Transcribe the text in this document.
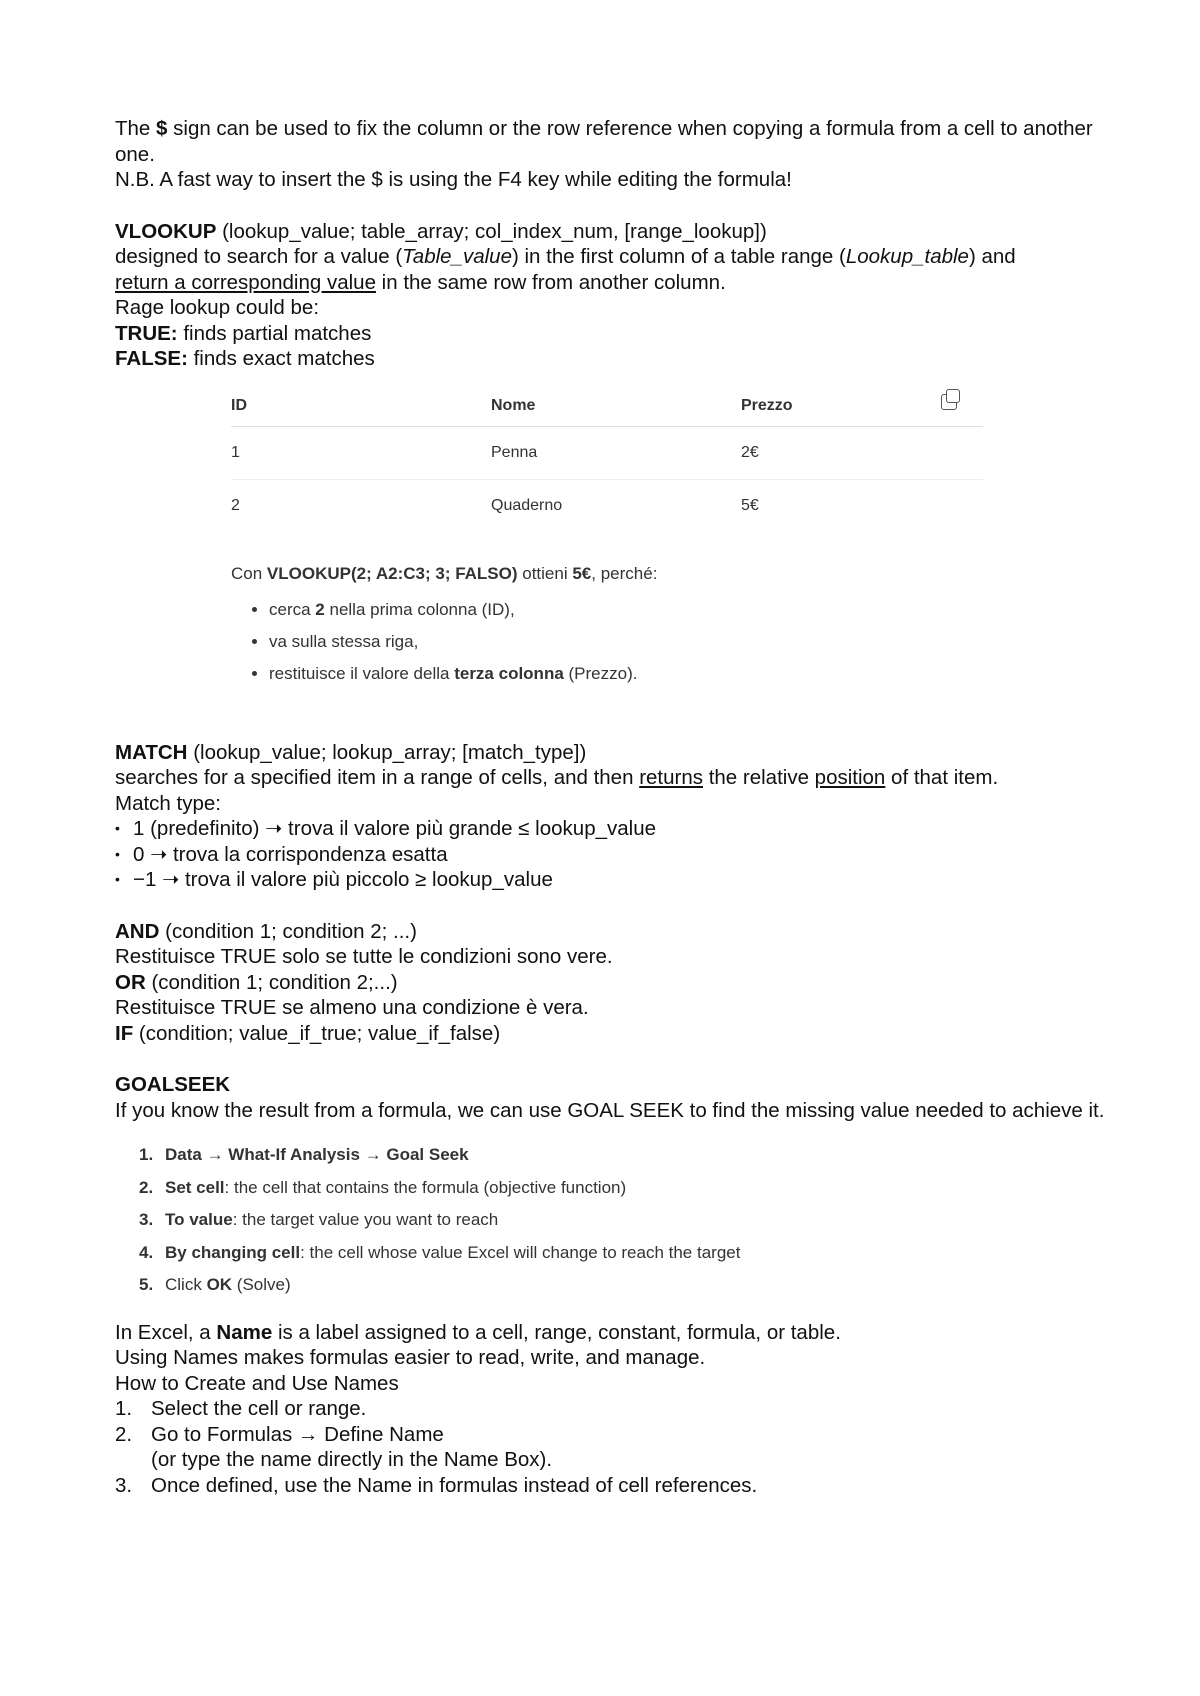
The $ sign can be used to fix the column or the row reference when copying a formula from a cell to another one.

N.B. A fast way to insert the $ is using the F4 key while editing the formula!

VLOOKUP (lookup_value; table_array; col_index_num, [range_lookup])

designed to search for a value (Table_value) in the first column of a table range (Lookup_table) and
return a corresponding value in the same row from another column.

Rage lookup could be:

TRUE: finds partial matches

FALSE: finds exact matches

ID	Nome	Prezzo	
1	Penna	2€	
2	Quaderno	5€	

Con VLOOKUP(2; A2:C3; 3; FALSO) ottieni 5€, perché:

• cerca 2 nella prima colonna (ID),
• va sulla stessa riga,
• restituisce il valore della terza colonna (Prezzo).

MATCH (lookup_value; lookup_array; [match_type])

searches for a specified item in a range of cells, and then returns the relative position of that item.

Match type:

• 1 (predefinito) ➝ trova il valore più grande ≤ lookup_value
• 0 ➝ trova la corrispondenza esatta
• −1 ➝ trova il valore più piccolo ≥ lookup_value

AND (condition 1; condition 2; ...)

Restituisce TRUE solo se tutte le condizioni sono vere.

OR (condition 1; condition 2;...)

Restituisce TRUE se almeno una condizione è vera.

IF (condition; value_if_true; value_if_false)

GOALSEEK

If you know the result from a formula, we can use GOAL SEEK to find the missing value needed to achieve it.

1. Data → What-If Analysis → Goal Seek
2. Set cell: the cell that contains the formula (objective function)
3. To value: the target value you want to reach
4. By changing cell: the cell whose value Excel will change to reach the target
5. Click OK (Solve)

In Excel, a Name is a label assigned to a cell, range, constant, formula, or table.

Using Names makes formulas easier to read, write, and manage.

How to Create and Use Names

1. Select the cell or range.
2. Go to Formulas → Define Name
(or type the name directly in the Name Box).
3. Once defined, use the Name in formulas instead of cell references.
